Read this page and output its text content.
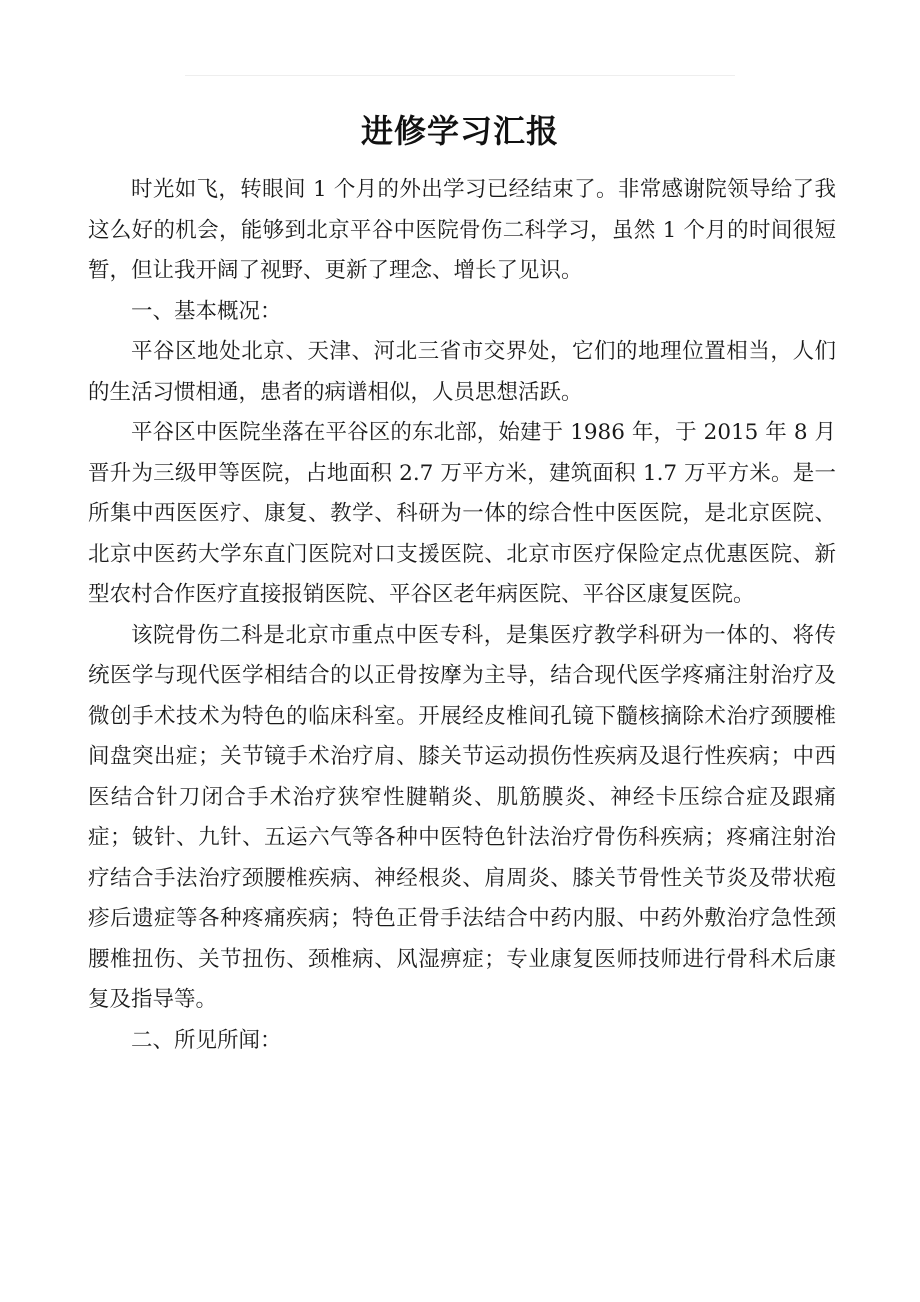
进修学习汇报

时光如飞，转眼间 1 个月的外出学习已经结束了。非常感谢院领导给了我这么好的机会，能够到北京平谷中医院骨伤二科学习，虽然 1 个月的时间很短暂，但让我开阔了视野、更新了理念、增长了见识。

一、基本概况：

平谷区地处北京、天津、河北三省市交界处，它们的地理位置相当，人们的生活习惯相通，患者的病谱相似，人员思想活跃。

平谷区中医院坐落在平谷区的东北部，始建于 1986 年，于 2015 年 8 月晋升为三级甲等医院，占地面积 2.7 万平方米，建筑面积 1.7 万平方米。是一所集中西医医疗、康复、教学、科研为一体的综合性中医医院，是北京医院、北京中医药大学东直门医院对口支援医院、北京市医疗保险定点优惠医院、新型农村合作医疗直接报销医院、平谷区老年病医院、平谷区康复医院。

该院骨伤二科是北京市重点中医专科，是集医疗教学科研为一体的、将传统医学与现代医学相结合的以正骨按摩为主导，结合现代医学疼痛注射治疗及微创手术技术为特色的临床科室。开展经皮椎间孔镜下髓核摘除术治疗颈腰椎间盘突出症；关节镜手术治疗肩、膝关节运动损伤性疾病及退行性疾病；中西医结合针刀闭合手术治疗狭窄性腱鞘炎、肌筋膜炎、神经卡压综合症及跟痛症；铍针、九针、五运六气等各种中医特色针法治疗骨伤科疾病；疼痛注射治疗结合手法治疗颈腰椎疾病、神经根炎、肩周炎、膝关节骨性关节炎及带状疱疹后遗症等各种疼痛疾病；特色正骨手法结合中药内服、中药外敷治疗急性颈腰椎扭伤、关节扭伤、颈椎病、风湿痹症；专业康复医师技师进行骨科术后康复及指导等。

二、所见所闻：
